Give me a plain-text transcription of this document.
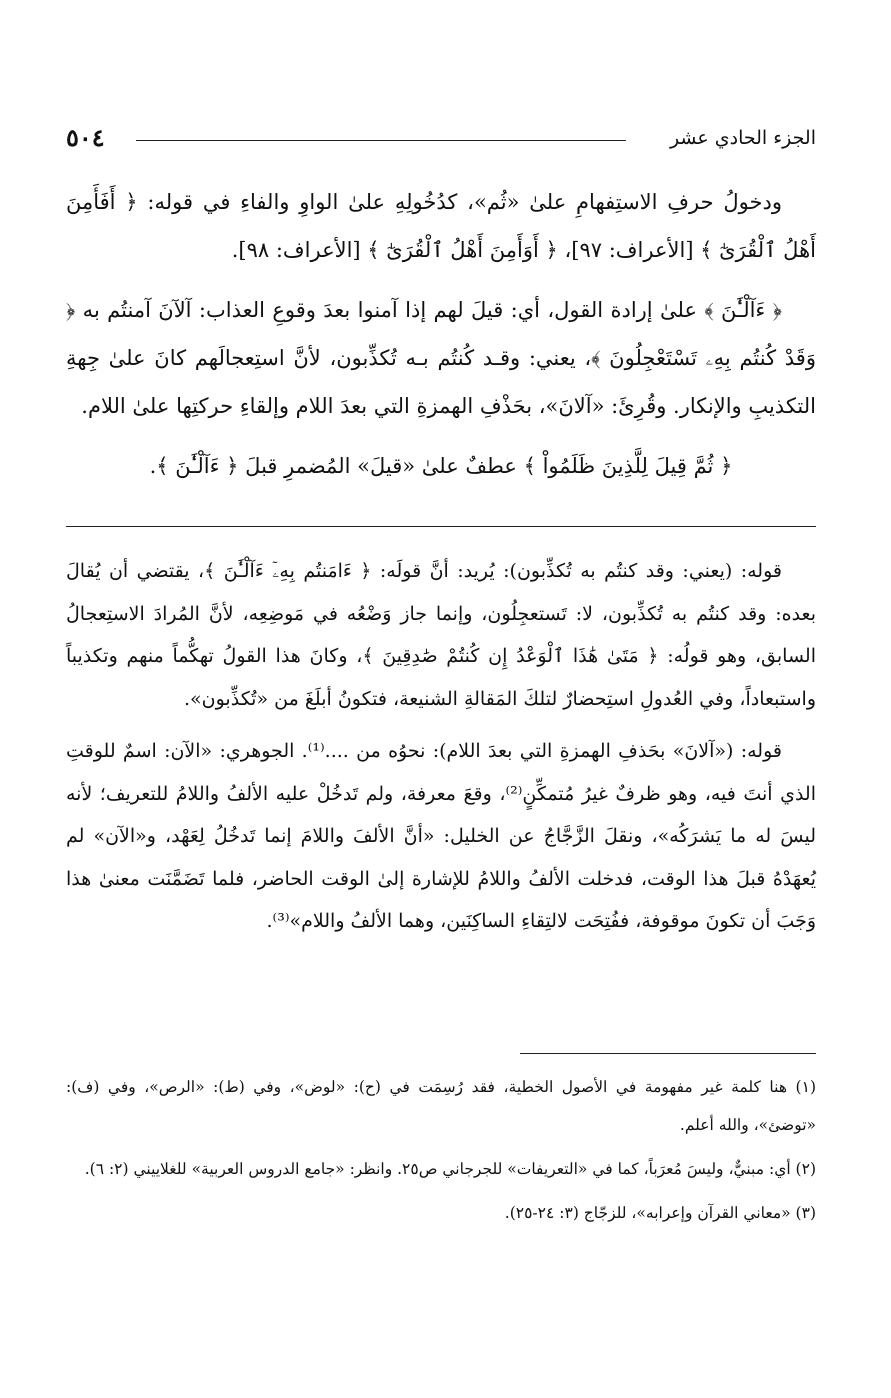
٥٠٤	الجزء الحادي عشر

ودخولُ حرفِ الاستِفهامِ علىٰ «ثُم»، كدُخُولِهِ علىٰ الواوِ والفاءِ في قوله: ﴿ أَفَأَمِنَ أَهْلُ ٱلْقُرَىٰٓ ﴾ [الأعراف: ٩٧]، ﴿ أَوَأَمِنَ أَهْلُ ٱلْقُرَىٰٓ ﴾ [الأعراف: ٩٨].

﴿ ءَآلْـَٰٔنَ ﴾ علىٰ إرادة القول، أي: قيلَ لهم إذا آمنوا بعدَ وقوعِ العذاب: آلآنَ آمنتُم به ﴿ وَقَدْ كُنتُم بِهِۦ تَسْتَعْجِلُونَ ﴾، يعني: وقـد كُنتُم بـه تُكذِّبون، لأنَّ استِعجالَهم كانَ علىٰ جِهةِ التكذيبِ والإنكار. وقُرِئَ: «آلانَ»، بحَذْفِ الهمزةِ التي بعدَ اللام وإلقاءِ حركتِها علىٰ اللام.

﴿ ثُمَّ قِيلَ لِلَّذِينَ ظَلَمُواْ ﴾ عطفٌ علىٰ «قيلَ» المُضمرِ قبلَ ﴿ ءَآلْـَٰٔنَ ﴾.

قوله: (يعني: وقد كنتُم به تُكذِّبون): يُريد: أنَّ قولَه: ﴿ ءَامَنتُم بِهِۦٓ ءَآلْـَٰٔنَ ﴾، يقتضي أن يُقالَ بعده: وقد كنتُم به تُكذِّبون، لا: تَستعجِلُون، وإنما جاز وَضْعُه في مَوضِعِه، لأنَّ المُرادَ الاستِعجالُ السابق، وهو قولُه: ﴿ مَتَىٰ هَٰذَا ٱلْوَعْدُ إِن كُنتُمْ صَٰدِقِينَ ﴾، وكانَ هذا القولُ تهكُّماً منهم وتكذيباً واستبعاداً، وفي العُدولِ استِحضارٌ لتلكَ المَقالةِ الشنيعة، فتكونُ أبلَغَ من «تُكذِّبون».

قوله: («آلانَ» بحَذفِ الهمزةِ التي بعدَ اللام): نحوُه من ....⁽¹⁾. الجوهري: «الآن: اسمٌ للوقتِ الذي أنتَ فيه، وهو ظرفٌ غيرُ مُتمكِّنٍ⁽²⁾، وقعَ معرفة، ولم تَدخُلْ عليه الألفُ واللامُ للتعريف؛ لأنه ليسَ له ما يَشرَكُه»، ونقلَ الزَّجَّاجُ عن الخليل: «أنَّ الألفَ واللامَ إنما تَدخُلُ لِعَهْد، و«الآن» لم يُعهَدْهُ قبلَ هذا الوقت، فدخلت الألفُ واللامُ للإشارة إلىٰ الوقت الحاضر، فلما تَضَمَّنَت معنىٰ هذا وَجَبَ أن تكونَ موقوفة، ففُتِحَت لالتِقاءِ الساكِنَين، وهما الألفُ واللام»⁽³⁾.

(١) هنا كلمة غير مفهومة في الأصول الخطية، فقد رُسِمَت في (ح): «لوض»، وفي (ط): «الرص»، وفي (ف): «توضئ»، والله أعلم.

(٢) أي: مبنيٌّ، وليسَ مُعرَباً، كما في «التعريفات» للجرجاني ص٢٥. وانظر: «جامع الدروس العربية» للغلاييني (٢: ٦).

(٣) «معاني القرآن وإعرابه»، للزجّاج (٣: ٢٤-٢٥).
